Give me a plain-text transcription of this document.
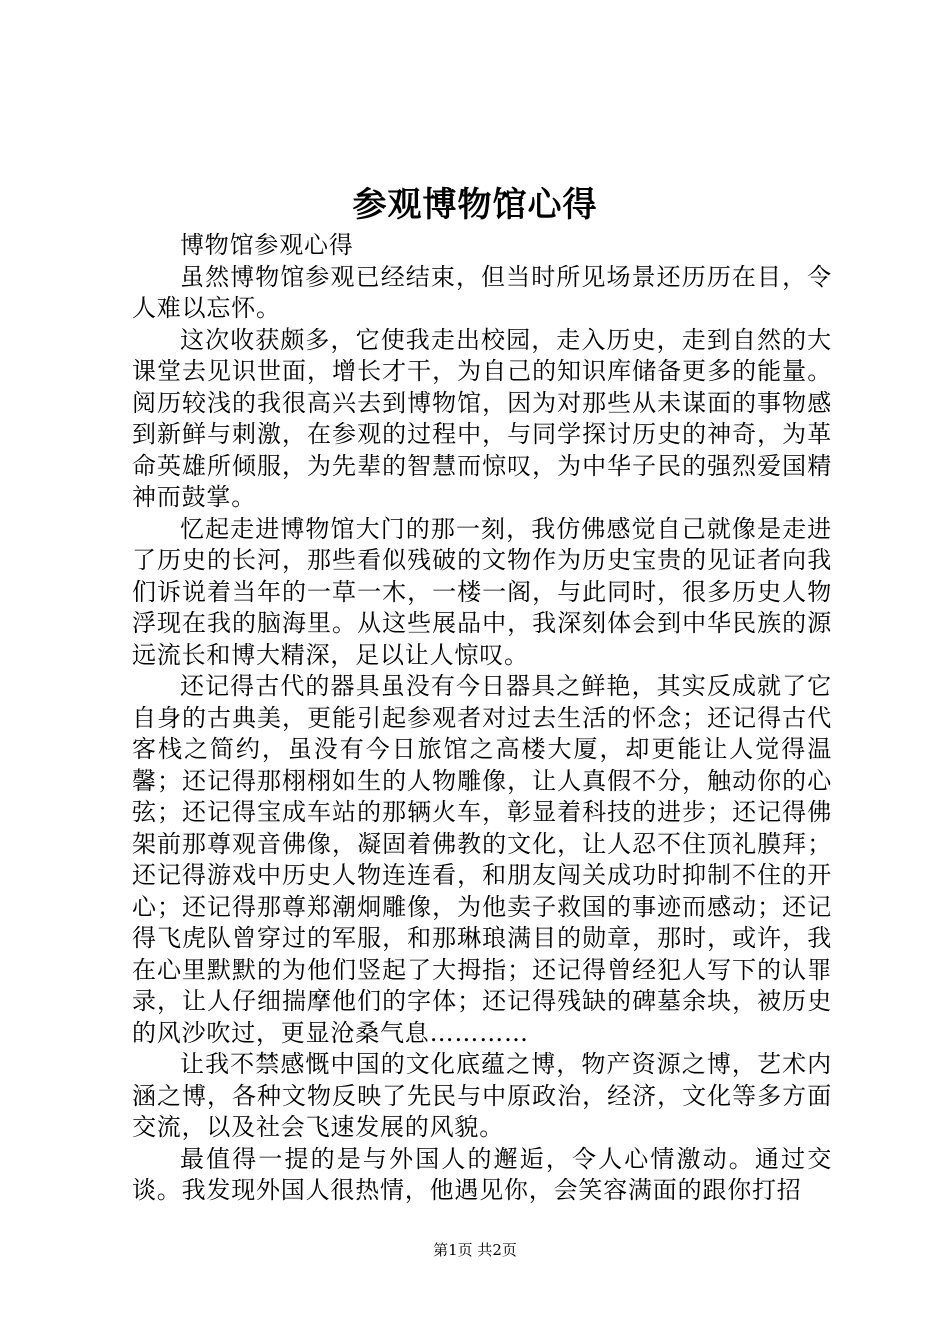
参观博物馆心得

博物馆参观心得

虽然博物馆参观已经结束，但当时所见场景还历历在目，令人难以忘怀。

这次收获颇多，它使我走出校园，走入历史，走到自然的大课堂去见识世面，增长才干，为自己的知识库储备更多的能量。阅历较浅的我很高兴去到博物馆，因为对那些从未谋面的事物感到新鲜与刺激，在参观的过程中，与同学探讨历史的神奇，为革命英雄所倾服，为先辈的智慧而惊叹，为中华子民的强烈爱国精神而鼓掌。

忆起走进博物馆大门的那一刻，我仿佛感觉自己就像是走进了历史的长河，那些看似残破的文物作为历史宝贵的见证者向我们诉说着当年的一草一木，一楼一阁，与此同时，很多历史人物浮现在我的脑海里。从这些展品中，我深刻体会到中华民族的源远流长和博大精深，足以让人惊叹。

还记得古代的器具虽没有今日器具之鲜艳，其实反成就了它自身的古典美，更能引起参观者对过去生活的怀念；还记得古代客栈之简约，虽没有今日旅馆之高楼大厦，却更能让人觉得温馨；还记得那栩栩如生的人物雕像，让人真假不分，触动你的心弦；还记得宝成车站的那辆火车，彰显着科技的进步；还记得佛架前那尊观音佛像，凝固着佛教的文化，让人忍不住顶礼膜拜；还记得游戏中历史人物连连看，和朋友闯关成功时抑制不住的开心；还记得那尊郑潮炯雕像，为他卖子救国的事迹而感动；还记得飞虎队曾穿过的军服，和那琳琅满目的勋章，那时，或许，我在心里默默的为他们竖起了大拇指；还记得曾经犯人写下的认罪录，让人仔细揣摩他们的字体；还记得残缺的碑墓余块，被历史的风沙吹过，更显沧桑气息…………

让我不禁感慨中国的文化底蕴之博，物产资源之博，艺术内涵之博，各种文物反映了先民与中原政治，经济，文化等多方面交流，以及社会飞速发展的风貌。

最值得一提的是与外国人的邂逅，令人心情激动。通过交谈。我发现外国人很热情，他遇见你，会笑容满面的跟你打招

第1页 共2页
